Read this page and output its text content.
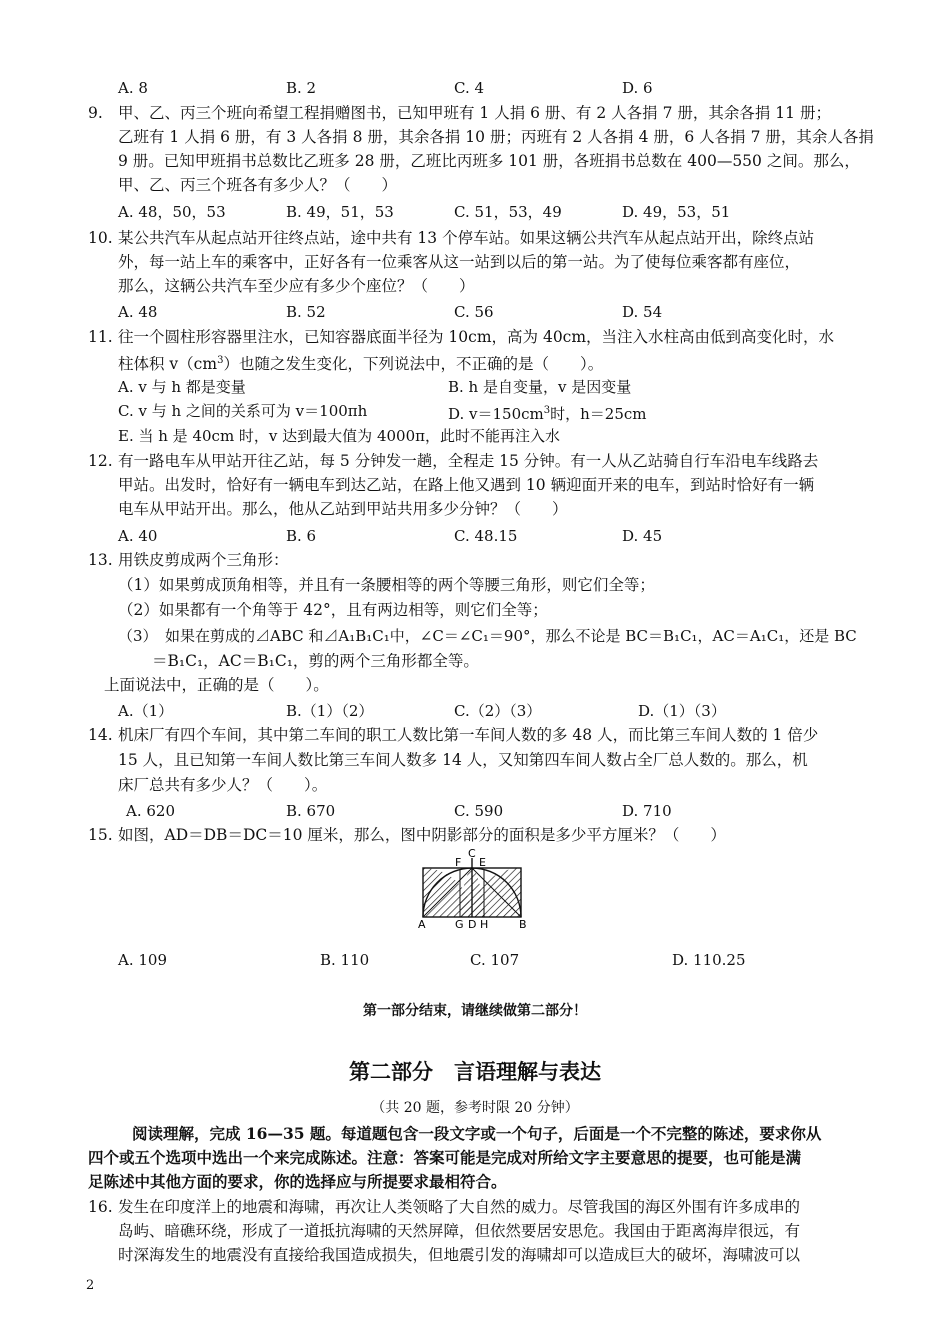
A. 8	B. 2	C. 4	D. 6
9. 甲、乙、丙三个班向希望工程捐赠图书，已知甲班有 1 人捐 6 册、有 2 人各捐 7 册，其余各捐 11 册；
乙班有 1 人捐 6 册，有 3 人各捐 8 册，其余各捐 10 册；丙班有 2 人各捐 4 册，6 人各捐 7 册，其余人各捐
9 册。已知甲班捐书总数比乙班多 28 册，乙班比丙班多 101 册，各班捐书总数在 400—550 之间。那么，
甲、乙、丙三个班各有多少人？（　　）
A. 48，50，53	B. 49，51，53	C. 51，53，49	D. 49，53，51
10. 某公共汽车从起点站开往终点站，途中共有 13 个停车站。如果这辆公共汽车从起点站开出，除终点站
外，每一站上车的乘客中，正好各有一位乘客从这一站到以后的第一站。为了使每位乘客都有座位，
那么，这辆公共汽车至少应有多少个座位？（　　）
A. 48	B. 52	C. 56	D. 54
11. 往一个圆柱形容器里注水，已知容器底面半径为 10cm，高为 40cm，当注入水柱高由低到高变化时，水
柱体积 $v(cm^3)$也随之发生变化，下列说法中，不正确的是（　　）。
A. v 与 h 都是变量	B. h 是自变量，v 是因变量
C. v 与 h 之间的关系可为 v＝100πh	D. $v=150cm^3$时，h＝25cm
E. 当 h 是 40cm 时，v 达到最大值为 4000π，此时不能再注入水
12. 有一路电车从甲站开往乙站，每 5 分钟发一趟，全程走 15 分钟。有一人从乙站骑自行车沿电车线路去
甲站。出发时，恰好有一辆电车到达乙站，在路上他又遇到 10 辆迎面开来的电车，到站时恰好有一辆
电车从甲站开出。那么，他从乙站到甲站共用多少分钟？（　　）
A. 40	B. 6	C. 48.15	D. 45
13. 用铁皮剪成两个三角形：
（1）如果剪成顶角相等，并且有一条腰相等的两个等腰三角形，则它们全等；
（2）如果都有一个角等于 42°，且有两边相等，则它们全等；
（3）　如果在剪成的⊿ABC 和⊿A₁B₁C₁中，∠C＝∠C₁＝90°，那么不论是 BC＝B₁C₁，AC＝A₁C₁，还是 BC
＝B₁C₁，AC＝B₁C₁，剪的两个三角形都全等。
上面说法中，正确的是（　　）。
A.（1）	B.（1）（2）	C.（2）（3）	D.（1）（3）
14. 机床厂有四个车间，其中第二车间的职工人数比第一车间人数的多 48 人，而比第三车间人数的 1 倍少
15 人，且已知第一车间人数比第三车间人数多 14 人，又知第四车间人数占全厂总人数的。那么，机
床厂总共有多少人？（　　）。
A. 620	B. 670	C. 590	D. 710
15. 如图，AD＝DB＝DC＝10 厘米，那么，图中阴影部分的面积是多少平方厘米？（　　）
C
F E
A	G D H	B
A. 109	B. 110	C. 107	D. 110.25
第一部分结束，请继续做第二部分！
第二部分　言语理解与表达
（共 20 题，参考时限 20 分钟）
阅读理解，完成 16—35 题。每道题包含一段文字或一个句子，后面是一个不完整的陈述，要求你从
四个或五个选项中选出一个来完成陈述。注意：答案可能是完成对所给文字主要意思的提要，也可能是满
足陈述中其他方面的要求，你的选择应与所提要求最相符合。
16. 发生在印度洋上的地震和海啸，再次让人类领略了大自然的威力。尽管我国的海区外围有许多成串的
岛屿、暗礁环绕，形成了一道抵抗海啸的天然屏障，但依然要居安思危。我国由于距离海岸很远，有
时深海发生的地震没有直接给我国造成损失，但地震引发的海啸却可以造成巨大的破坏，海啸波可以
2
